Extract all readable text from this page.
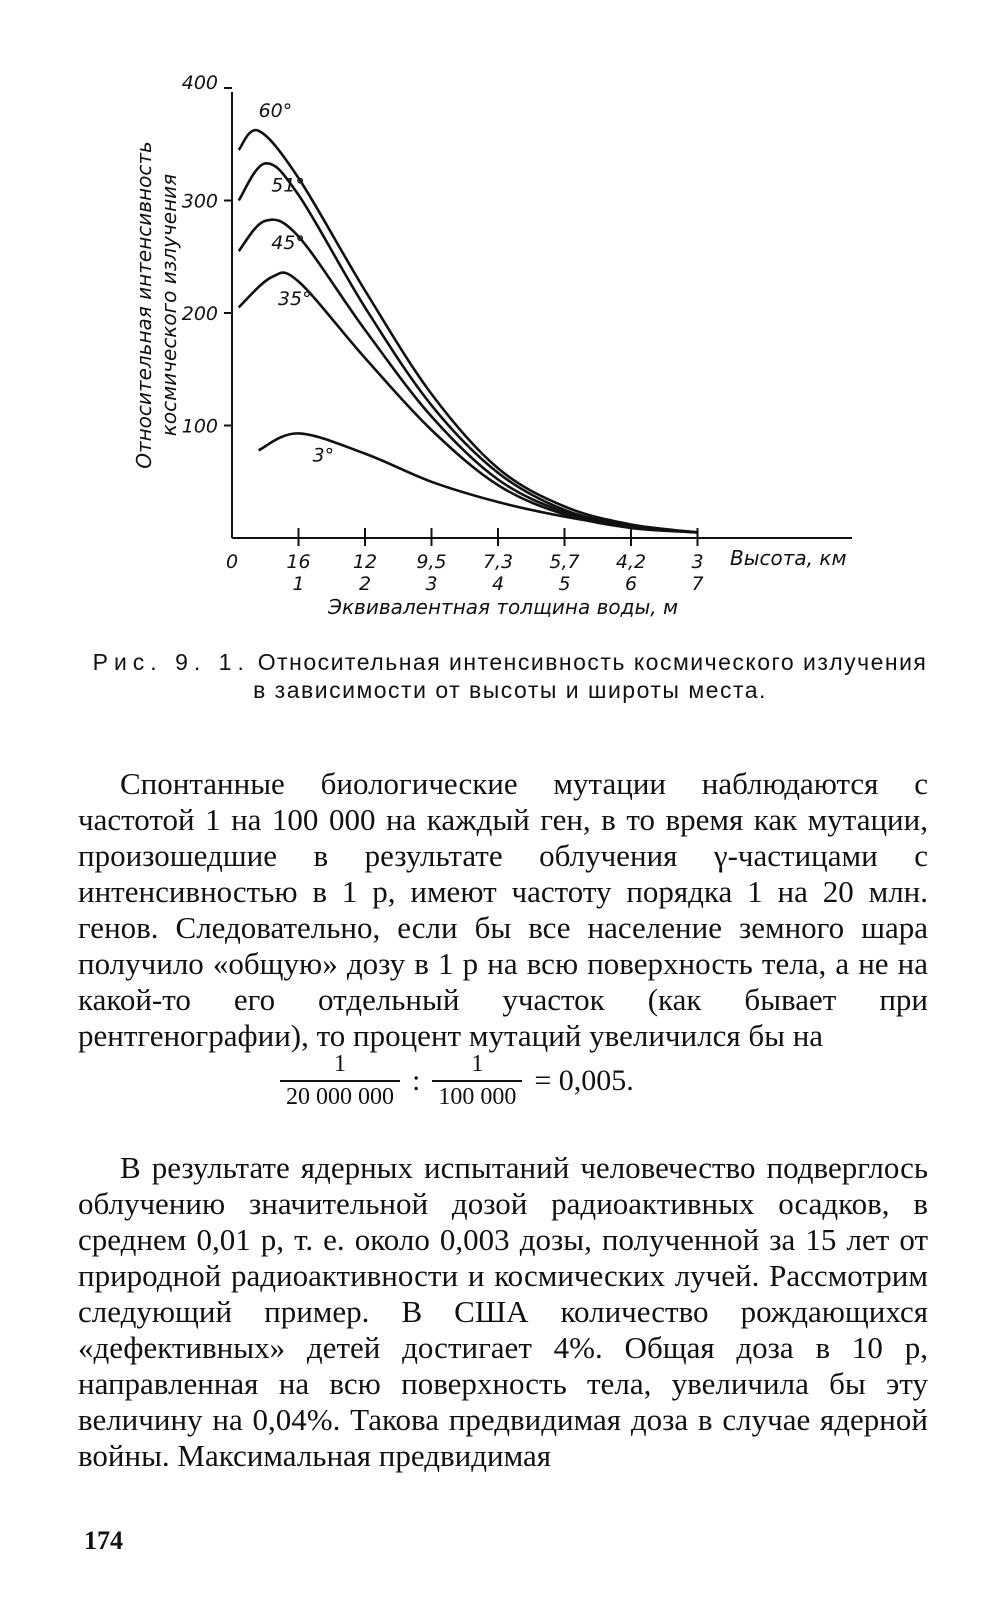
400
300
200
100
16
1
12
2
9,5
3
7,3
4
5,7
5
4,2
6
3
7
60°
51°
45°
35°
3°
0	Высота, км
Эквивалентная толщина воды, м
Относительная интенсивность космического излучения
Рис. 9. 1. Относительная интенсивность космического излучения
в зависимости от высоты и широты места.

Спонтанные биологические мутации наблюдаются с частотой 1 на 100 000 на каждый ген, в то время как мутации, произошедшие в результате облучения γ-частицами с интенсивностью в 1 р, имеют частоту порядка 1 на 20 млн. генов. Следовательно, если бы все население земного шара получило «общую» дозу в 1 р на всю поверхность тела, а не на какой-то его отдельный участок (как бывает при рентгенографии), то процент мутаций увеличился бы на

$\frac{1}{20 000 000}$ : $\frac{1}{100 000} = 0,005$.

В результате ядерных испытаний человечество подверглось облучению значительной дозой радиоактивных осадков, в среднем 0,01 р, т. е. около 0,003 дозы, полученной за 15 лет от природной радиоактивности и космических лучей. Рассмотрим следующий пример. В США количество рождающихся «дефективных» детей достигает 4%. Общая доза в 10 р, направленная на всю поверхность тела, увеличила бы эту величину на 0,04%. Такова предвидимая доза в случае ядерной войны. Максимальная предвидимая

174
